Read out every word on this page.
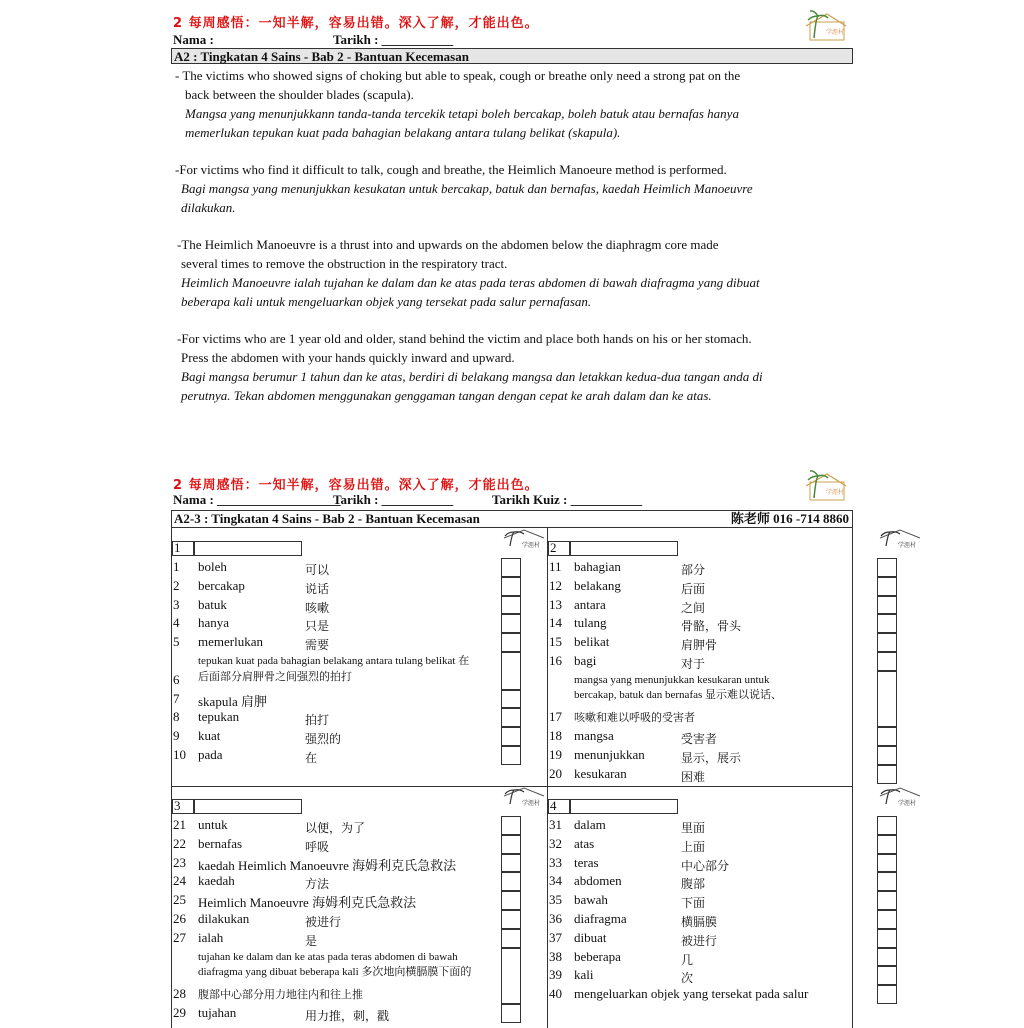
2 每周感悟：一知半解，容易出错。深入了解，才能出色。
Nama :	Tarikh : ___________	学涯村
A2 : Tingkatan 4 Sains - Bab 2 - Bantuan Kecemasan
- The victims who showed signs of choking but able to speak, cough or breathe only need a strong pat on the
back between the shoulder blades (scapula).
Mangsa yang menunjukkann tanda-tanda tercekik tetapi boleh bercakap, boleh batuk atau bernafas hanya
memerlukan tepukan kuat pada bahagian belakang antara tulang belikat (skapula).
-For victims who find it difficult to talk, cough and breathe, the Heimlich Manoeure method is performed.
Bagi mangsa yang menunjukkan kesukatan untuk bercakap, batuk dan bernafas, kaedah Heimlich Manoeuvre
dilakukan.
-The Heimlich Manoeuvre is a thrust into and upwards on the abdomen below the diaphragm core made
several times to remove the obstruction in the respiratory tract.
Heimlich Manoeuvre ialah tujahan ke dalam dan ke atas pada teras abdomen di bawah diafragma yang dibuat
beberapa kali untuk mengeluarkan objek yang tersekat pada salur pernafasan.
-For victims who are 1 year old and older, stand behind the victim and place both hands on his or her stomach.
Press the abdomen with your hands quickly inward and upward.
Bagi mangsa berumur 1 tahun dan ke atas, berdiri di belakang mangsa dan letakkan kedua-dua tangan anda di
perutnya. Tekan abdomen menggunakan genggaman tangan dengan cepat ke arah dalam dan ke atas.
2 每周感悟：一知半解，容易出错。深入了解，才能出色。
Nama : ___________________
Tarikh : ___________	Tarikh Kuiz : ___________	学涯村
A2-3 : Tingkatan 4 Sains - Bab 2 - Bantuan Kecemasan	陈老师 016 -714 8860
1	学涯村
1	boleh	可以
2	bercakap	说话
3	batuk	咳嗽
4	hanya	只是
5	memerlukan	需要
6
tepukan kuat pada bahagian belakang antara tulang belikat 在
后面部分肩胛骨之间强烈的拍打
7	skapula 肩胛
8	tepukan	拍打
9	kuat	强烈的
10 pada	在
2	学涯村
11 bahagian	部分
12 belakang	后面
13 antara	之间
14 tulang	骨骼，骨头
15 belikat	肩胛骨
16 bagi	对于
17
mangsa yang menunjukkan kesukaran untuk
bercakap, batuk dan bernafas 显示难以说话、
咳嗽和难以呼吸的受害者
18 mangsa	受害者
19 menunjukkan	显示，展示
20 kesukaran	困难
3	学涯村
21 untuk	以便，为了
22 bernafas	呼吸
23 kaedah Heimlich Manoeuvre 海姆利克氏急救法
24 kaedah	方法
25 Heimlich Manoeuvre 海姆利克氏急救法
26 dilakukan	被进行
27 ialah	是
28
tujahan ke dalam dan ke atas pada teras abdomen di bawah
diafragma yang dibuat beberapa kali 多次地向横膈膜下面的
腹部中心部分用力地往内和往上推
29 tujahan	用力推，刺，戳
4	学涯村
31 dalam	里面
32 atas	上面
33 teras	中心部分
34 abdomen	腹部
35 bawah	下面
36 diafragma	横膈膜
37 dibuat	被进行
38 beberapa	几
39 kali	次
40 mengeluarkan objek yang tersekat pada salur
